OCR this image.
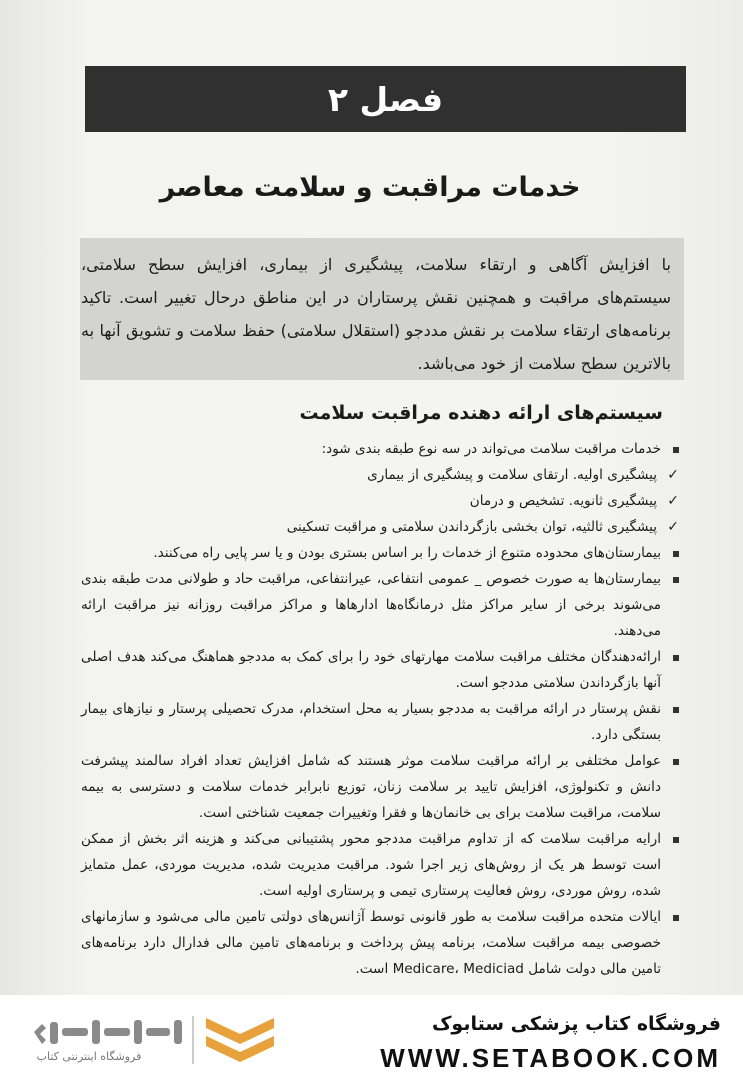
فصل ۲
خدمات مراقبت و سلامت معاصر
با افزایش آگاهی و ارتقاء سلامت، پیشگیری از بیماری، افزایش سطح سلامتی، سیستم‌های مراقبت و همچنین نقش پرستاران در این مناطق درحال تغییر است. تاکید برنامه‌های ارتقاء سلامت بر نقش مددجو (استقلال سلامتی) حفظ سلامت و تشویق آنها به بالاترین سطح سلامت از خود می‌باشد.
سیستم‌های ارائه دهنده مراقبت سلامت
خدمات مراقبت سلامت می‌تواند در سه نوع طبقه بندی شود:
✓
پیشگیری اولیه. ارتقای سلامت و پیشگیری از بیماری
✓
پیشگیری ثانویه. تشخیص و درمان
✓
پیشگیری ثالثیه، توان بخشی بازگرداندن سلامتی و مراقبت تسکینی
بیمارستان‌های محدوده متنوع از خدمات را بر اساس بستری بودن و یا سر پایی راه می‌کنند.
بیمارستان‌ها به صورت خصوص _ عمومی انتفاعی، عیرانتفاعی، مراقبت حاد و طولانی مدت طبقه بندی می‌شوند برخی از سایر مراکز مثل درمانگاه‌ها ادارها‌ها و مراکز مراقبت روزانه نیز مراقبت ارائه می‌دهند.
ارائه‌دهندگان مختلف مراقبت سلامت مهارتهای خود را برای کمک به مددجو هماهنگ می‌کند هدف اصلی آنها بازگرداندن سلامتی مددجو است.
نقش پرستار در ارائه مراقبت به مددجو بسیار به محل استخدام، مدرک تحصیلی پرستار و نیازهای بیمار بستگی دارد.
عوامل مختلفی بر ارائه مراقبت سلامت موثر هستند که شامل افزایش تعداد افراد سالمند پیشرفت دانش و تکنولوژی، افزایش تایید بر سلامت زنان، توزیع نابرابر خدمات سلامت و دسترسی به بیمه سلامت، مراقبت سلامت برای بی خانمان‌ها و فقرا وتغییرات جمعیت شناختی است.
ارایه مراقبت سلامت که از تداوم مراقبت مددجو محور پشتیبانی می‌کند و هزینه اثر بخش از ممکن است توسط هر یک از روش‌های زیر اجرا شود. مراقبت مدیریت شده، مدیریت موردی، عمل متمایز شده، روش موردی، روش فعالیت پرستاری تیمی و پرستاری اولیه است.
ایالات متحده مراقبت سلامت به طور قانونی توسط آژانس‌های دولتی تامین مالی می‌شود و سازمانهای خصوصی بیمه مراقبت سلامت، برنامه پیش پرداخت و برنامه‌های تامین مالی فدارال دارد برنامه‌های تامین مالی دولت شامل Medicare، Mediciad است.
فروشگاه اینترنتی کتاب
فروشگاه کتاب پزشکی ستابوک
WWW.SETABOOK.COM
